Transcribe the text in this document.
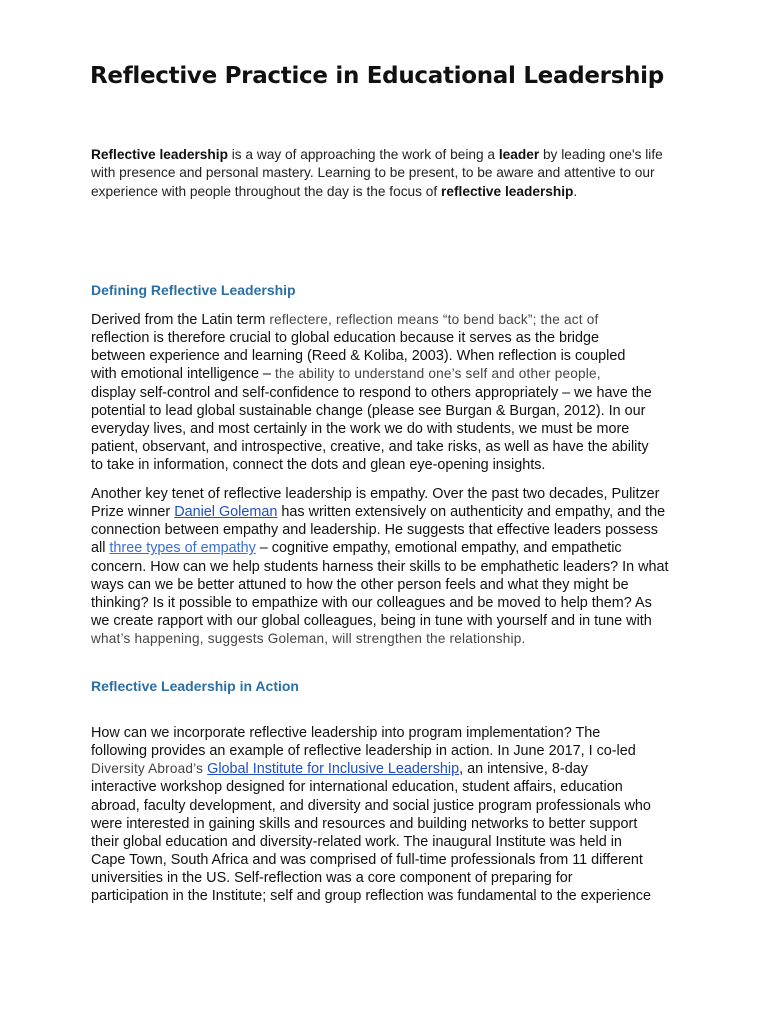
Reflective Practice in Educational Leadership

Reflective leadership is a way of approaching the work of being a leader by leading one's life
with presence and personal mastery. Learning to be present, to be aware and attentive to our
experience with people throughout the day is the focus of reflective leadership.

Defining Reflective Leadership

Derived from the Latin term reflectere, reflection means “to bend back”; the act of
reflection is therefore crucial to global education because it serves as the bridge
between experience and learning (Reed & Koliba, 2003). When reflection is coupled
with emotional intelligence – the ability to understand one’s self and other people,
display self-control and self-confidence to respond to others appropriately – we have the
potential to lead global sustainable change (please see Burgan & Burgan, 2012). In our
everyday lives, and most certainly in the work we do with students, we must be more
patient, observant, and introspective, creative, and take risks, as well as have the ability
to take in information, connect the dots and glean eye-opening insights.

Another key tenet of reflective leadership is empathy. Over the past two decades, Pulitzer
Prize winner Daniel Goleman has written extensively on authenticity and empathy, and the
connection between empathy and leadership. He suggests that effective leaders possess
all three types of empathy – cognitive empathy, emotional empathy, and empathetic
concern. How can we help students harness their skills to be emphathetic leaders? In what
ways can we be better attuned to how the other person feels and what they might be
thinking? Is it possible to empathize with our colleagues and be moved to help them? As
we create rapport with our global colleagues, being in tune with yourself and in tune with
what’s happening, suggests Goleman, will strengthen the relationship.

Reflective Leadership in Action

How can we incorporate reflective leadership into program implementation? The
following provides an example of reflective leadership in action. In June 2017, I co-led
Diversity Abroad’s Global Institute for Inclusive Leadership, an intensive, 8-day
interactive workshop designed for international education, student affairs, education
abroad, faculty development, and diversity and social justice program professionals who
were interested in gaining skills and resources and building networks to better support
their global education and diversity-related work. The inaugural Institute was held in
Cape Town, South Africa and was comprised of full-time professionals from 11 different
universities in the US. Self-reflection was a core component of preparing for
participation in the Institute; self and group reflection was fundamental to the experience
